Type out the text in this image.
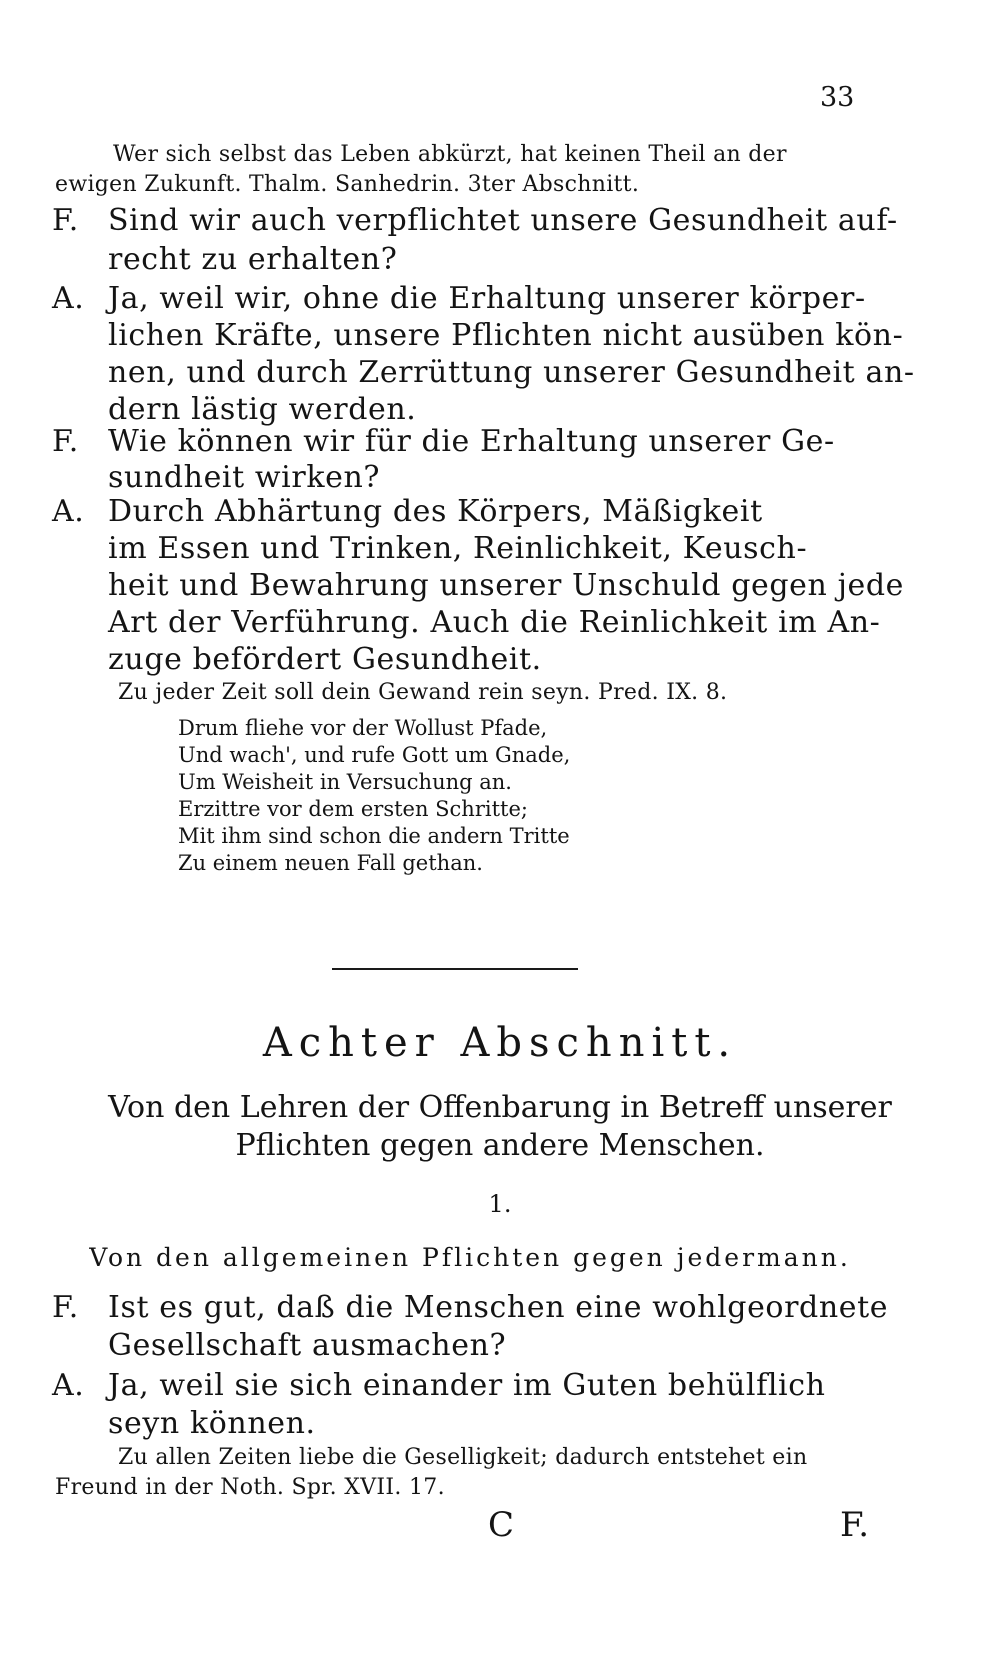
33
Wer sich selbst das Leben abkürzt, hat keinen Theil an der
ewigen Zukunft. Thalm. Sanhedrin. 3ter Abschnitt.
F. Sind wir auch verpflichtet unsere Gesundheit auf-
recht zu erhalten?
A. Ja, weil wir, ohne die Erhaltung unserer körper-
lichen Kräfte, unsere Pflichten nicht ausüben kön-
nen, und durch Zerrüttung unserer Gesundheit an-
dern lästig werden.
F. Wie können wir für die Erhaltung unserer Ge-
sundheit wirken?
A. Durch Abhärtung des Körpers, Mäßigkeit
im Essen und Trinken, Reinlichkeit, Keusch-
heit und Bewahrung unserer Unschuld gegen jede
Art der Verführung. Auch die Reinlichkeit im An-
zuge befördert Gesundheit.
Zu jeder Zeit soll dein Gewand rein seyn. Pred. IX. 8.
Drum fliehe vor der Wollust Pfade,
Und wach', und rufe Gott um Gnade,
Um Weisheit in Versuchung an.
Erzittre vor dem ersten Schritte;
Mit ihm sind schon die andern Tritte
Zu einem neuen Fall gethan.
Achter Abschnitt.
Von den Lehren der Offenbarung in Betreff unserer
Pflichten gegen andere Menschen.
1.
Von den allgemeinen Pflichten gegen jedermann.
F. Ist es gut, daß die Menschen eine wohlgeordnete
Gesellschaft ausmachen?
A. Ja, weil sie sich einander im Guten behülflich
seyn können.
Zu allen Zeiten liebe die Geselligkeit; dadurch entstehet ein
Freund in der Noth. Spr. XVII. 17.
C	F.
